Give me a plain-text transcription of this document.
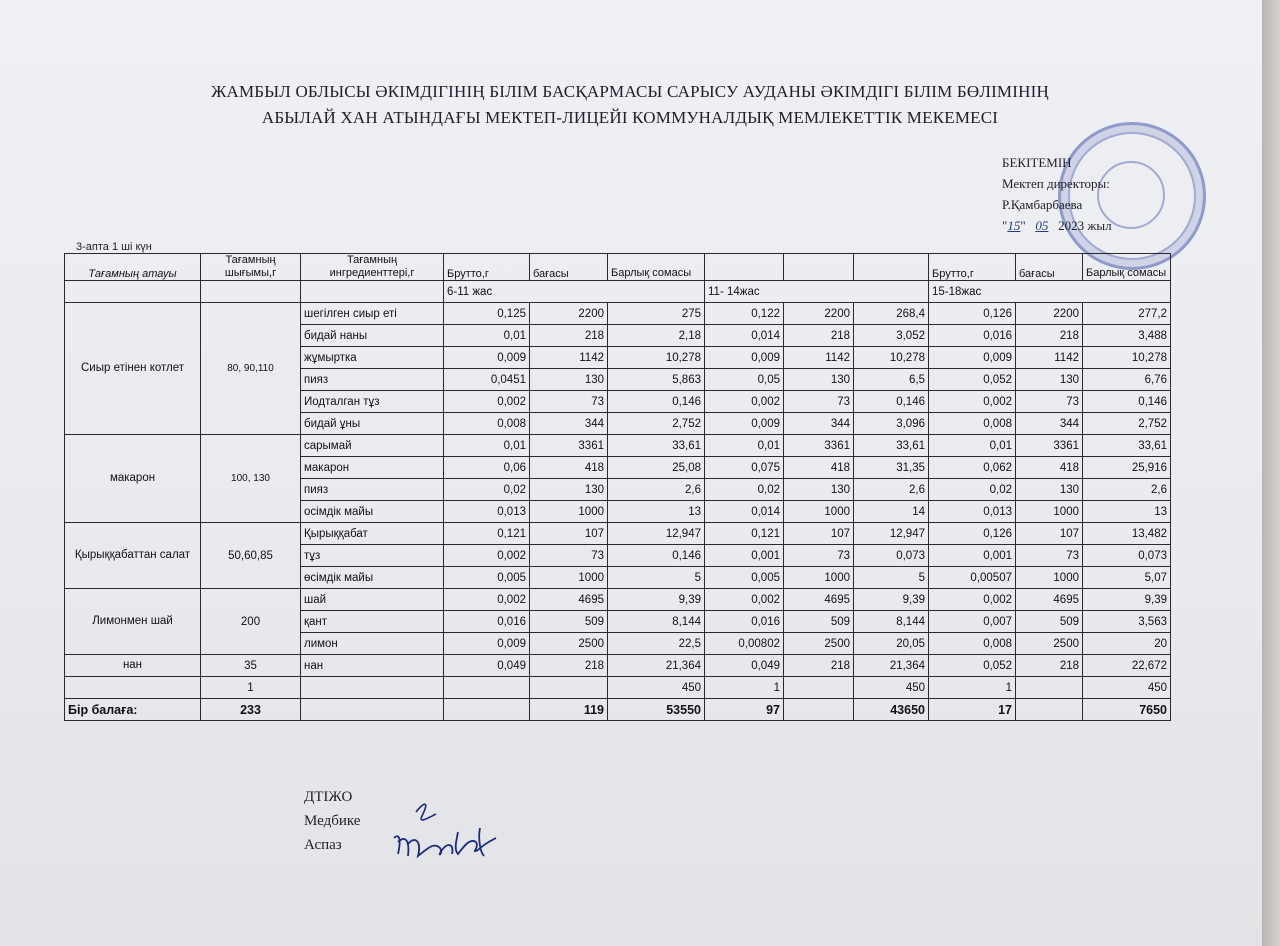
ЖАМБЫЛ ОБЛЫСЫ ӘКІМДІГІНІҢ БІЛІМ БАСҚАРМАСЫ САРЫСУ АУДАНЫ ӘКІМДІГІ БІЛІМ БӨЛІМІНІҢ
АБЫЛАЙ ХАН АТЫНДАҒЫ МЕКТЕП-ЛИЦЕЙІ КОММУНАЛДЫҚ МЕМЛЕКЕТТІК МЕКЕМЕСІ
БЕКІТЕМІН
Мектеп директоры:
Р.Қамбарбаева
"15" 05 2023 жыл
3-апта 1 ші күн
Тағамның атауы	Тағамның шығымы,г	Тағамның ингредиенттері,г	Брутто,г	бағасы	Барлық сомасы				Брутто,г	бағасы	Барлық сомасы
			6-11 жас			11- 14жас			15-18жас		
Сиыр етінен котлет	80, 90,110	шегілген сиыр еті	0,125	2200	275	0,122	2200	268,4	0,126	2200	277,2
		бидай наны	0,01	218	2,18	0,014	218	3,052	0,016	218	3,488
		жұмыртка	0,009	1142	10,278	0,009	1142	10,278	0,009	1142	10,278
		пияз	0,0451	130	5,863	0,05	130	6,5	0,052	130	6,76
		Иодталган тұз	0,002	73	0,146	0,002	73	0,146	0,002	73	0,146
		бидай ұны	0,008	344	2,752	0,009	344	3,096	0,008	344	2,752
макарон	100, 130	сарымай	0,01	3361	33,61	0,01	3361	33,61	0,01	3361	33,61
		макарон	0,06	418	25,08	0,075	418	31,35	0,062	418	25,916
		пияз	0,02	130	2,6	0,02	130	2,6	0,02	130	2,6
		осімдік майы	0,013	1000	13	0,014	1000	14	0,013	1000	13
Қырыққабаттан салат	50,60,85	Қырыққабат	0,121	107	12,947	0,121	107	12,947	0,126	107	13,482
		тұз	0,002	73	0,146	0,001	73	0,073	0,001	73	0,073
		өсімдік майы	0,005	1000	5	0,005	1000	5	0,00507	1000	5,07
Лимонмен шай	200	шай	0,002	4695	9,39	0,002	4695	9,39	0,002	4695	9,39
		қант	0,016	509	8,144	0,016	509	8,144	0,007	509	3,563
		лимон	0,009	2500	22,5	0,00802	2500	20,05	0,008	2500	20
нан	35	нан	0,049	218	21,364	0,049	218	21,364	0,052	218	22,672
	1				450	1		450	1		450
Бір балаға:	233			119	53550	97		43650	17		7650
ДТІЖО
Медбике
Аспаз
